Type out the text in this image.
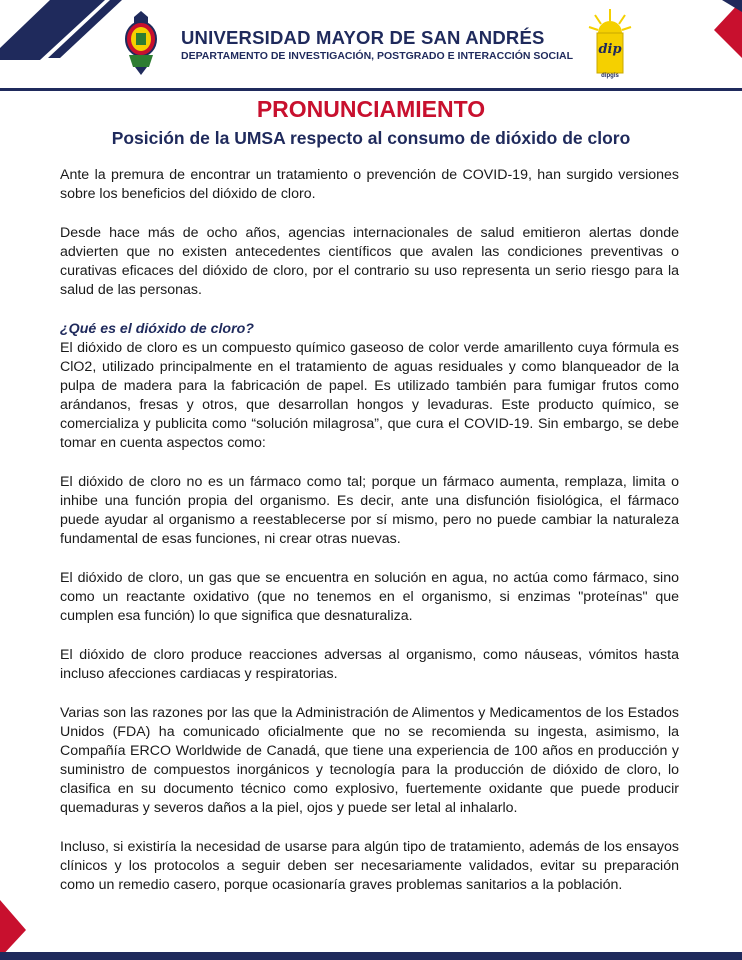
UNIVERSIDAD MAYOR DE SAN ANDRÉS
DEPARTAMENTO DE INVESTIGACIÓN, POSTGRADO E INTERACCIÓN SOCIAL dip
dipgis
PRONUNCIAMIENTO
Posición de la UMSA respecto al consumo de dióxido de cloro

Ante la premura de encontrar un tratamiento o prevención de COVID-19, han surgido versiones sobre los beneficios del dióxido de cloro.

Desde hace más de ocho años, agencias internacionales de salud emitieron alertas donde advierten que no existen antecedentes científicos que avalen las condiciones preventivas o curativas eficaces del dióxido de cloro, por el contrario su uso representa un serio riesgo para la salud de las personas.

¿Qué es el dióxido de cloro?
El dióxido de cloro es un compuesto químico gaseoso de color verde amarillento cuya fórmula es ClO2, utilizado principalmente en el tratamiento de aguas residuales y como blanqueador de la pulpa de madera para la fabricación de papel. Es utilizado también para fumigar frutos como arándanos, fresas y otros, que desarrollan hongos y levaduras. Este producto químico, se comercializa y publicita como “solución milagrosa”, que cura el COVID-19. Sin embargo, se debe tomar en cuenta aspectos como:

El dióxido de cloro no es un fármaco como tal; porque un fármaco aumenta, remplaza, limita o inhibe una función propia del organismo. Es decir, ante una disfunción fisiológica, el fármaco puede ayudar al organismo a reestablecerse por sí mismo, pero no puede cambiar la naturaleza fundamental de esas funciones, ni crear otras nuevas.

El dióxido de cloro, un gas que se encuentra en solución en agua, no actúa como fármaco, sino como un reactante oxidativo (que no tenemos en el organismo, si enzimas "proteínas" que cumplen esa función) lo que significa que desnaturaliza.

El dióxido de cloro produce reacciones adversas al organismo, como náuseas, vómitos hasta incluso afecciones cardiacas y respiratorias.

Varias son las razones por las que la Administración de Alimentos y Medicamentos de los Estados Unidos (FDA) ha comunicado oficialmente que no se recomienda su ingesta, asimismo, la Compañía ERCO Worldwide de Canadá, que tiene una experiencia de 100 años en producción y suministro de compuestos inorgánicos y tecnología para la producción de dióxido de cloro, lo clasifica en su documento técnico como explosivo, fuertemente oxidante que puede producir quemaduras y severos daños a la piel, ojos y puede ser letal al inhalarlo.

Incluso, si existiría la necesidad de usarse para algún tipo de tratamiento, además de los ensayos clínicos y los protocolos a seguir deben ser necesariamente validados, evitar su preparación como un remedio casero, porque ocasionaría graves problemas sanitarios a la población.
